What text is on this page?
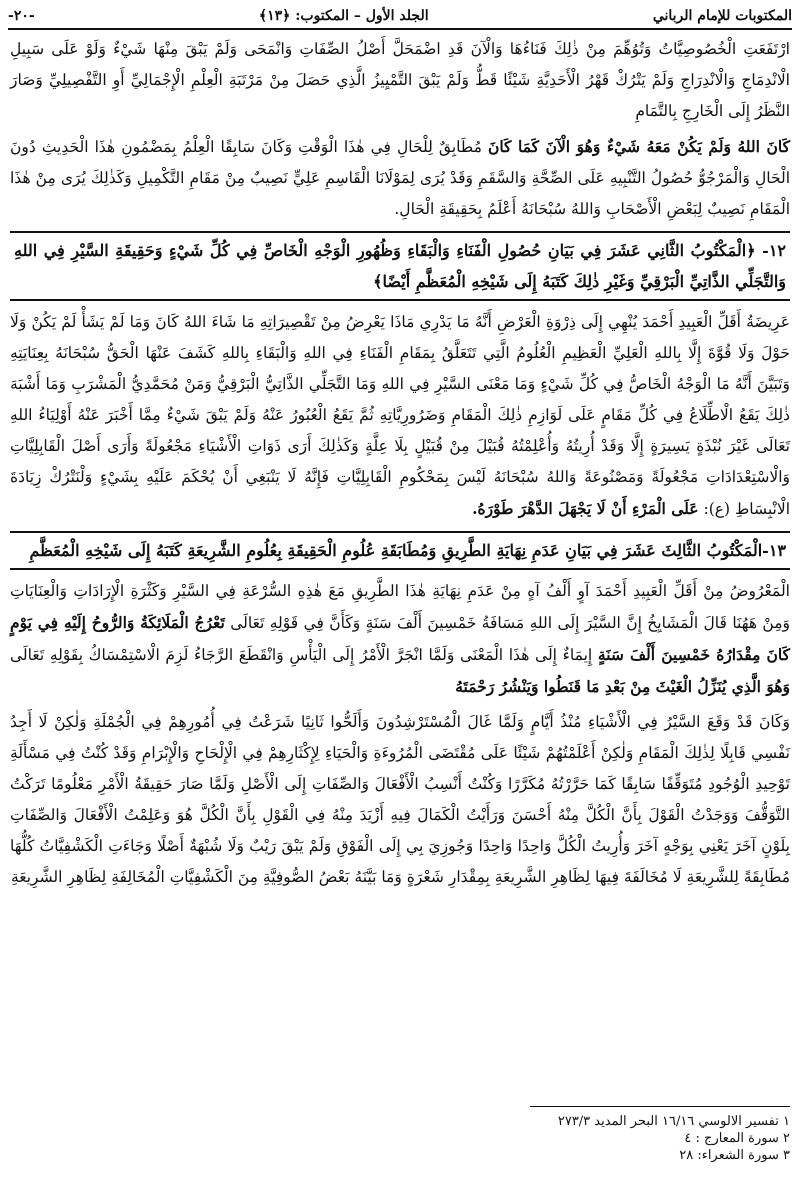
المكتوبات للإمام الرباني
الجلد الأول – المكتوب: ﴿١٣﴾
-٢٠-

ارْتَفَعَتِ الْخُصُوصِيَّاتُ وَتُوُهِّمَ مِنْ ذٰلِكَ فَنَاءُهَا وَالْآنَ قَدِ اضْمَحَلَّ أَصْلُ الصِّفَاتِ وَانْمَحَى وَلَمْ يَبْقَ مِنْهَا شَيْءٌ وَلَوْ عَلَى سَبِيلِ الْانْدِمَاجِ وَالْانْدِرَاجِ وَلَمْ يَتْرُكْ قَهْرُ الْأَحَدِيَّةِ شَيْئًا قَطُّ وَلَمْ يَبْقَ التَّمْيِيزُ الَّذِي حَصَلَ مِنْ مَرْتَبَةِ الْعِلْمِ الْإِجْمَالِيِّ أَوِ التَّفْصِيلِيِّ وَصَارَ النَّظَرُ إِلَى الْخَارِجِ بِالتَّمَامِ

كَانَ اللهُ وَلَمْ يَكُنْ مَعَهُ شَيْءٌ وَهُوَ الْآنَ كَمَا كَانَ مُطَابِقٌ لِلْحَالِ فِي هٰذَا الْوَقْتِ وَكَانَ سَابِقًا الْعِلْمُ بِمَضْمُونِ هٰذَا الْحَدِيثِ دُونَ الْحَالِ وَالْمَرْجُوُّ حُصُولُ التَّنْبِيهِ عَلَى الصِّحَّةِ وَالسَّقَمِ وَقَدْ يُرَى لِمَوْلَانَا الْقَاسِمِ عَلِيٍّ نَصِيبٌ مِنْ مَقَامِ التَّكْمِيلِ وَكَذٰلِكَ يُرَى مِنْ هٰذَا الْمَقَامِ نَصِيبٌ لِبَعْضِ الْأَصْحَابِ وَاللهُ سُبْحَانَهُ أَعْلَمُ بِحَقِيقَةِ الْحَالِ.

١٢- ﴿الْمَكْتُوبُ الثَّانِي عَشَرَ فِي بَيَانِ حُصُولِ الْفَنَاءِ وَالْبَقَاءِ وَظُهُورِ الْوَجْهِ الْخَاصِّ فِي كُلِّ شَيْءٍ وَحَقِيقَةِ السَّيْرِ فِي اللهِ وَالتَّجَلِّي الذَّاتِيِّ الْبَرْقِيِّ وَغَيْرِ ذٰلِكَ كَتَبَهُ إِلَى شَيْخِهِ الْمُعَظَّمِ أَيْضًا﴾

عَرِيضَةُ أَقَلِّ الْعَبِيدِ أَحْمَدَ يُنْهِي إِلَى ذِرْوَةِ الْعَرْضِ أَنَّهُ مَا يَدْرِي مَاذَا يَعْرِضُ مِنْ تَقْصِيرَاتِهِ مَا شَاءَ اللهُ كَانَ وَمَا لَمْ يَشَأْ لَمْ يَكُنْ وَلَا حَوْلَ وَلَا قُوَّةَ إِلَّا بِاللهِ الْعَلِيِّ الْعَظِيمِ الْعُلُومُ الَّتِي تَتَعَلَّقُ بِمَقَامِ الْفَنَاءِ فِي اللهِ وَالْبَقَاءِ بِاللهِ كَشَفَ عَنْهَا الْحَقُّ سُبْحَانَهُ بِعِنَايَتِهِ وَتَبَيَّنَ أَنَّهُ مَا الْوَجْهُ الْخَاصُّ فِي كُلِّ شَيْءٍ وَمَا مَعْنَى السَّيْرِ فِي اللهِ وَمَا التَّجَلِّي الذَّاتِيُّ الْبَرْقِيُّ وَمَنْ مُحَمَّدِيُّ الْمَشْرَبِ وَمَا أَشْبَهَ ذٰلِكَ يَقَعُ الْاطِّلَاعُ فِي كُلِّ مَقَامٍ عَلَى لَوَازِمِ ذٰلِكَ الْمَقَامِ وَضَرُورِيَّاتِهِ ثُمَّ يَقَعُ الْعُبُورُ عَنْهُ وَلَمْ يَبْقَ شَيْءٌ مِمَّا أَخْبَرَ عَنْهُ أَوْلِيَاءُ اللهِ تَعَالَى غَيْرَ نُبْذَةٍ يَسِيرَةٍ إِلَّا وَقَدْ أُرِيتُهُ وَأُعْلِمْتُهُ قُبَيْلَ مِنْ قُبَيْلٍ بِلَا عِلَّةٍ وَكَذٰلِكَ أَرَى ذَوَاتِ الْأَشْيَاءِ مَجْعُولَةً وَأَرَى أَصْلَ الْقَابِلِيَّاتِ وَالْاسْتِعْدَادَاتِ مَجْعُولَةً وَمَصْنُوعَةً وَاللهُ سُبْحَانَهُ لَيْسَ بِمَحْكُومِ الْقَابِلِيَّاتِ فَإِنَّهُ لَا يَنْبَغِي أَنْ يُحْكَمَ عَلَيْهِ بِشَيْءٍ وَلْنَتْرُكْ زِيَادَةَ الْانْبِسَاطِ (ع): عَلَى الْمَرْءِ أَنْ لَا يَجْهَلَ الدَّهْرَ طَوْرَهُ.

١٣-الْمَكْتُوبُ الثَّالِثَ عَشَرَ فِي بَيَانِ عَدَمِ نِهَايَةِ الطَّرِيقِ وَمُطَابَقَةِ عُلُومِ الْحَقِيقَةِ بِعُلُومِ الشَّرِيعَةِ كَتَبَهُ إِلَى شَيْخِهِ الْمُعَظَّمِ

الْمَعْرُوضُ مِنْ أَقَلِّ الْعَبِيدِ أَحْمَدَ آوٍ أَلْفُ آهٍ مِنْ عَدَمِ نِهَايَةِ هٰذَا الطَّرِيقِ مَعَ هٰذِهِ السُّرْعَةِ فِي السَّيْرِ وَكَثْرَةِ الْإِرَادَاتِ وَالْعِنَايَاتِ وَمِنْ هَهُنَا قَالَ الْمَشَايِخُ إِنَّ السَّيْرَ إِلَى اللهِ مَسَافَةُ خَمْسِينَ أَلْفَ سَنَةٍ وَكَأَنَّ فِي قَوْلِهِ تَعَالَى تَعْرُجُ الْمَلَائِكَةُ وَالرُّوحُ إِلَيْهِ فِي يَوْمٍ كَانَ مِقْدَارُهُ خَمْسِينَ أَلْفَ سَنَةٍ إِيمَاءٌ إِلَى هٰذَا الْمَعْنَى وَلَمَّا انْجَرَّ الْأَمْرُ إِلَى الْيَأْسِ وَانْقَطَعَ الرَّجَاءُ لَزِمَ الْاسْتِمْسَاكُ بِقَوْلِهِ تَعَالَى وَهُوَ الَّذِي يُنَزِّلُ الْغَيْثَ مِنْ بَعْدِ مَا قَنَطُوا وَيَنْشُرُ رَحْمَتَهُ

وَكَانَ قَدْ وَقَعَ السَّيْرُ فِي الْأَشْيَاءِ مُنْذُ أَيَّامٍ وَلَمَّا غَالَ الْمُسْتَرْشِدُونَ وَأَلَحُّوا ثَانِيًا شَرَعْتُ فِي أُمُورِهِمْ فِي الْجُمْلَةِ وَلٰكِنْ لَا أَجِدُ نَفْسِي قَابِلًا لِذٰلِكَ الْمَقَامِ وَلٰكِنْ أَعْلَمْتُهُمْ شَيْئًا عَلَى مُقْتَضَى الْمُرُوءَةِ وَالْحَيَاءِ لِإِكْثَارِهِمْ فِي الْإِلْحَاحِ وَالْإِبْرَامِ وَقَدْ كُنْتُ فِي مَسْأَلَةِ تَوْحِيدِ الْوُجُودِ مُتَوَقِّفًا سَابِقًا كَمَا حَرَّرْتُهُ مُكَرَّرًا وَكُنْتُ أَنْسِبُ الْأَفْعَالَ وَالصِّفَاتِ إِلَى الْأَصْلِ وَلَمَّا صَارَ حَقِيقَةُ الْأَمْرِ مَعْلُومًا تَرَكْتُ التَّوَقُّفَ وَوَجَدْتُ الْقَوْلَ بِأَنَّ الْكُلَّ مِنْهُ أَحْسَنَ وَرَأَيْتُ الْكَمَالَ فِيهِ أَزْيَدَ مِنْهُ فِي الْقَوْلِ بِأَنَّ الْكُلَّ هُوَ وَعَلِمْتُ الْأَفْعَالَ وَالصِّفَاتِ بِلَوْنٍ آخَرَ يَعْنِي بِوَجْهٍ آخَرَ وَأُرِيتُ الْكُلَّ وَاحِدًا وَاحِدًا وَجُوزِيَ بِي إِلَى الْفَوْقِ وَلَمْ يَبْقَ رَيْبٌ وَلَا شُبْهَةٌ أَصْلًا وَجَاءَتِ الْكَشْفِيَّاتُ كُلُّهَا مُطَابِقَةً لِلشَّرِيعَةِ لَا مُخَالَفَةَ فِيهَا لِظَاهِرِ الشَّرِيعَةِ بِمِقْدَارِ شَعْرَةٍ وَمَا بَيَّنَهُ بَعْضُ الصُّوفِيَّةِ مِنَ الْكَشْفِيَّاتِ الْمُخَالِفَةِ لِظَاهِرِ الشَّرِيعَةِ

١ تفسير الالوسي ١٦/١٦ البحر المديد ٢٧٣/٣
٢ سورة المعارج : ٤
٣ سورة الشعراء: ٢٨
